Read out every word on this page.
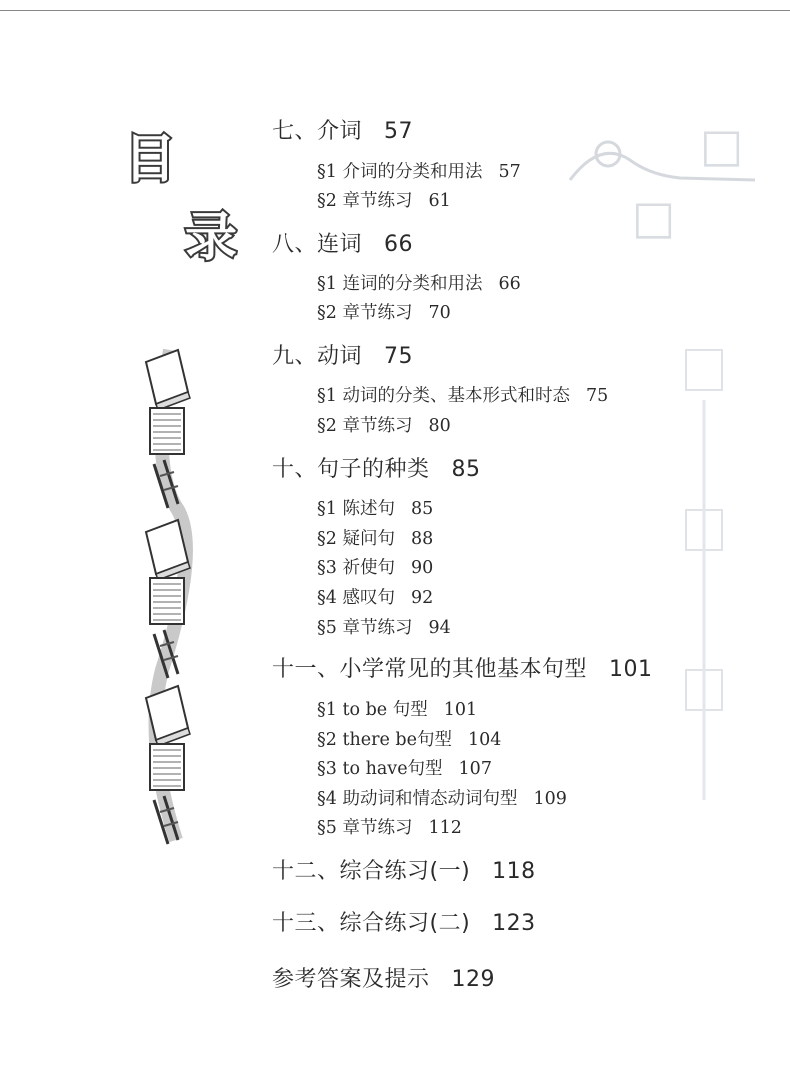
□
□
目
录
七、介词 57
§1 介词的分类和用法 57
§2 章节练习 61
八、连词 66
§1 连词的分类和用法 66
§2 章节练习 70
九、动词 75
§1 动词的分类、基本形式和时态 75
§2 章节练习 80
十、句子的种类 85
§1 陈述句 85
§2 疑问句 88
§3 祈使句 90
§4 感叹句 92
§5 章节练习 94
十一、小学常见的其他基本句型 101
§1 to be 句型 101
§2 there be句型 104
§3 to have句型 107
§4 助动词和情态动词句型 109
§5 章节练习 112
十二、综合练习(一) 118
十三、综合练习(二) 123
参考答案及提示 129
